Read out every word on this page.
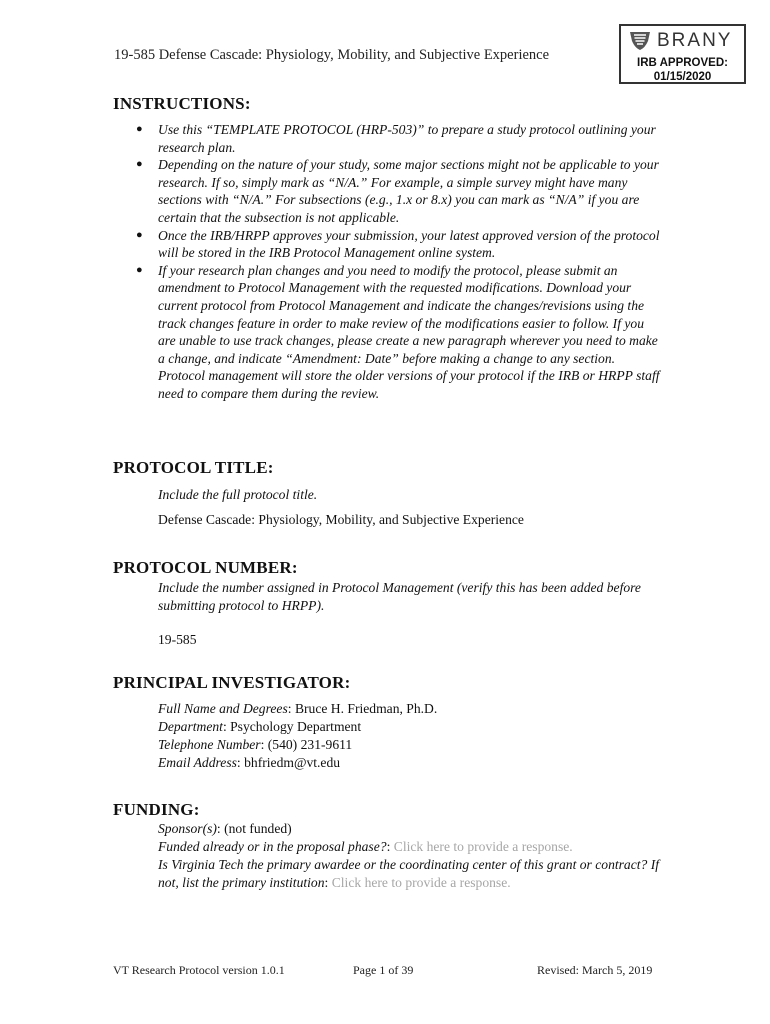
19-585 Defense Cascade: Physiology, Mobility, and Subjective Experience
BRANY
IRB APPROVED:
01/15/2020
INSTRUCTIONS:
● Use this “TEMPLATE PROTOCOL (HRP-503)” to prepare a study protocol outlining your research plan.
● Depending on the nature of your study, some major sections might not be applicable to your research. If so, simply mark as “N/A.” For example, a simple survey might have many sections with “N/A.” For subsections (e.g., 1.x or 8.x) you can mark as “N/A” if you are certain that the subsection is not applicable.
● Once the IRB/HRPP approves your submission, your latest approved version of the protocol will be stored in the IRB Protocol Management online system.
● If your research plan changes and you need to modify the protocol, please submit an amendment to Protocol Management with the requested modifications. Download your current protocol from Protocol Management and indicate the changes/revisions using the track changes feature in order to make review of the modifications easier to follow. If you are unable to use track changes, please create a new paragraph wherever you need to make a change, and indicate “Amendment: Date” before making a change to any section. Protocol management will store the older versions of your protocol if the IRB or HRPP staff need to compare them during the review.
PROTOCOL TITLE:
Include the full protocol title.
Defense Cascade: Physiology, Mobility, and Subjective Experience
PROTOCOL NUMBER:
Include the number assigned in Protocol Management (verify this has been added before submitting protocol to HRPP).
19-585
PRINCIPAL INVESTIGATOR:
Full Name and Degrees: Bruce H. Friedman, Ph.D.
Department: Psychology Department
Telephone Number: (540) 231-9611
Email Address: bhfriedm@vt.edu
FUNDING:
Sponsor(s): (not funded)
Funded already or in the proposal phase?: Click here to provide a response.
Is Virginia Tech the primary awardee or the coordinating center of this grant or contract? If not, list the primary institution: Click here to provide a response.
VT Research Protocol version 1.0.1	Page 1 of 39	Revised: March 5, 2019
